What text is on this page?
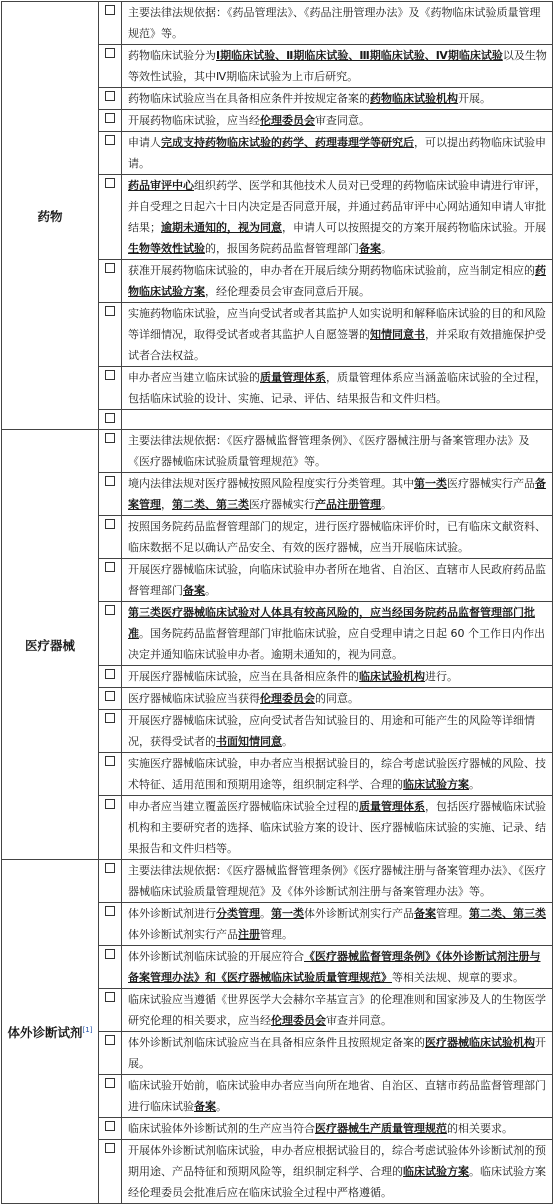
药物		主要法律法规依据：《药品管理法》、《药品注册管理办法》及《药物临床试验质量管理规范》等。
		药物临床试验分为Ⅰ期临床试验、Ⅱ期临床试验、Ⅲ期临床试验、Ⅳ期临床试验以及生物等效性试验，其中Ⅳ期临床试验为上市后研究。
		药物临床试验应当在具备相应条件并按规定备案的药物临床试验机构开展。
		开展药物临床试验，应当经伦理委员会审查同意。
		申请人完成支持药物临床试验的药学、药理毒理学等研究后，可以提出药物临床试验申请。
		药品审评中心组织药学、医学和其他技术人员对已受理的药物临床试验申请进行审评，并自受理之日起六十日内决定是否同意开展，并通过药品审评中心网站通知申请人审批结果；逾期未通知的，视为同意，申请人可以按照提交的方案开展药物临床试验。开展生物等效性试验的，报国务院药品监督管理部门备案。
		获准开展药物临床试验的，申办者在开展后续分期药物临床试验前，应当制定相应的药物临床试验方案，经伦理委员会审查同意后开展。
		实施药物临床试验，应当向受试者或者其监护人如实说明和解释临床试验的目的和风险等详细情况，取得受试者或者其监护人自愿签署的知情同意书，并采取有效措施保护受试者合法权益。
		申办者应当建立临床试验的质量管理体系，质量管理体系应当涵盖临床试验的全过程，包括临床试验的设计、实施、记录、评估、结果报告和文件归档。

医疗器械		主要法律法规依据：《医疗器械监督管理条例》、《医疗器械注册与备案管理办法》及《医疗器械临床试验质量管理规范》等。
		境内法律法规对医疗器械按照风险程度实行分类管理。其中第一类医疗器械实行产品备案管理，第二类、第三类医疗器械实行产品注册管理。
		按照国务院药品监督管理部门的规定，进行医疗器械临床评价时，已有临床文献资料、临床数据不足以确认产品安全、有效的医疗器械，应当开展临床试验。
		开展医疗器械临床试验，向临床试验申办者所在地省、自治区、直辖市人民政府药品监督管理部门备案。
		第三类医疗器械临床试验对人体具有较高风险的，应当经国务院药品监督管理部门批准。国务院药品监督管理部门审批临床试验，应自受理申请之日起 60 个工作日内作出决定并通知临床试验申办者。逾期未通知的，视为同意。
		开展医疗器械临床试验，应当在具备相应条件的临床试验机构进行。
		医疗器械临床试验应当获得伦理委员会的同意。
		开展医疗器械临床试验，应向受试者告知试验目的、用途和可能产生的风险等详细情况，获得受试者的书面知情同意。
		实施医疗器械临床试验，申办者应当根据试验目的，综合考虑试验医疗器械的风险、技术特征、适用范围和预期用途等，组织制定科学、合理的临床试验方案。
		申办者应当建立覆盖医疗器械临床试验全过程的质量管理体系，包括医疗器械临床试验 机构和主要研究者的选择、临床试验方案的设计、医疗器械临床试验的实施、记录、结果报告和文件归档等。
体外诊断试剂[1]		主要法律法规依据：《医疗器械监督管理条例》《医疗器械注册与备案管理办法》、《医疗器械临床试验质量管理规范》及《体外诊断试剂注册与备案管理办法》等。
		体外诊断试剂进行分类管理。第一类体外诊断试剂实行产品备案管理。第二类、第三类体外诊断试剂实行产品注册管理。
		体外诊断试剂临床试验的开展应符合《医疗器械监督管理条例》《体外诊断试剂注册与备案管理办法》和《医疗器械临床试验质量管理规范》等相关法规、规章的要求。
		临床试验应当遵循《世界医学大会赫尔辛基宣言》的伦理准则和国家涉及人的生物医学研究伦理的相关要求，应当经伦理委员会审查并同意。
		体外诊断试剂临床试验应当在具备相应条件且按照规定备案的医疗器械临床试验机构开展。
		临床试验开始前，临床试验申办者应当向所在地省、自治区、直辖市药品监督管理部门进行临床试验备案。
		临床试验体外诊断试剂的生产应当符合医疗器械生产质量管理规范的相关要求。
		开展体外诊断试剂临床试验，申办者应根据试验目的，综合考虑试验体外诊断试剂的预期用途、产品特征和预期风险等，组织制定科学、合理的临床试验方案。临床试验方案经伦理委员会批准后应在临床试验全过程中严格遵循。
